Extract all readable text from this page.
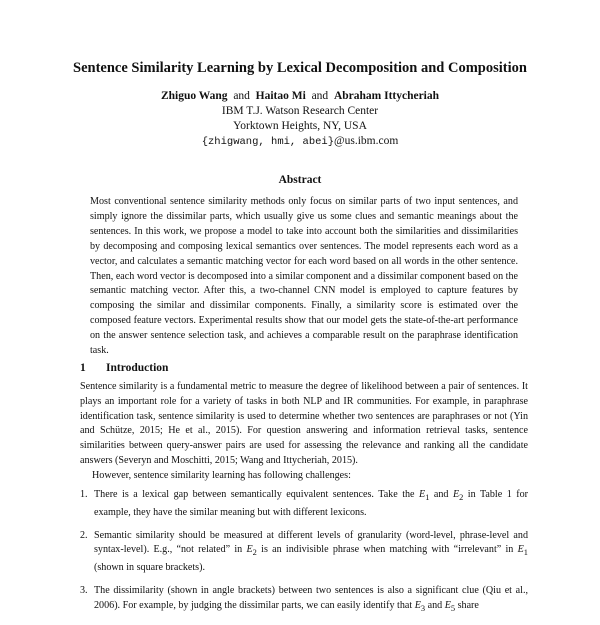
Sentence Similarity Learning by Lexical Decomposition and Composition
Zhiguo Wang and Haitao Mi and Abraham Ittycheriah
IBM T.J. Watson Research Center
Yorktown Heights, NY, USA
{zhigwang, hmi, abei}@us.ibm.com
Abstract
Most conventional sentence similarity methods only focus on similar parts of two input sentences, and simply ignore the dissimilar parts, which usually give us some clues and semantic meanings about the sentences. In this work, we propose a model to take into account both the similarities and dissimilarities by decomposing and composing lexical semantics over sentences. The model represents each word as a vector, and calculates a semantic matching vector for each word based on all words in the other sentence. Then, each word vector is decomposed into a similar component and a dissimilar component based on the semantic matching vector. After this, a two-channel CNN model is employed to capture features by composing the similar and dissimilar components. Finally, a similarity score is estimated over the composed feature vectors. Experimental results show that our model gets the state-of-the-art performance on the answer sentence selection task, and achieves a comparable result on the paraphrase identification task.
1 Introduction

Sentence similarity is a fundamental metric to measure the degree of likelihood between a pair of sentences. It plays an important role for a variety of tasks in both NLP and IR communities. For example, in paraphrase identification task, sentence similarity is used to determine whether two sentences are paraphrases or not (Yin and Schütze, 2015; He et al., 2015). For question answering and information retrieval tasks, sentence similarities between query-answer pairs are used for assessing the relevance and ranking all the candidate answers (Severyn and Moschitti, 2015; Wang and Ittycheriah, 2015).

However, sentence similarity learning has following challenges:

1. There is a lexical gap between semantically equivalent sentences. Take the $E_1$ and $E_2$ in Table 1 for example, they have the similar meaning but with different lexicons.
2. Semantic similarity should be measured at different levels of granularity (word-level, phrase-level and syntax-level). E.g., “not related” in $E_2$ is an indivisible phrase when matching with “irrelevant” in $E_1$ (shown in square brackets).
3. The dissimilarity (shown in angle brackets) between two sentences is also a significant clue (Qiu et al., 2006). For example, by judging the dissimilar parts, we can easily identify that $E_3$ and $E_5$ share
